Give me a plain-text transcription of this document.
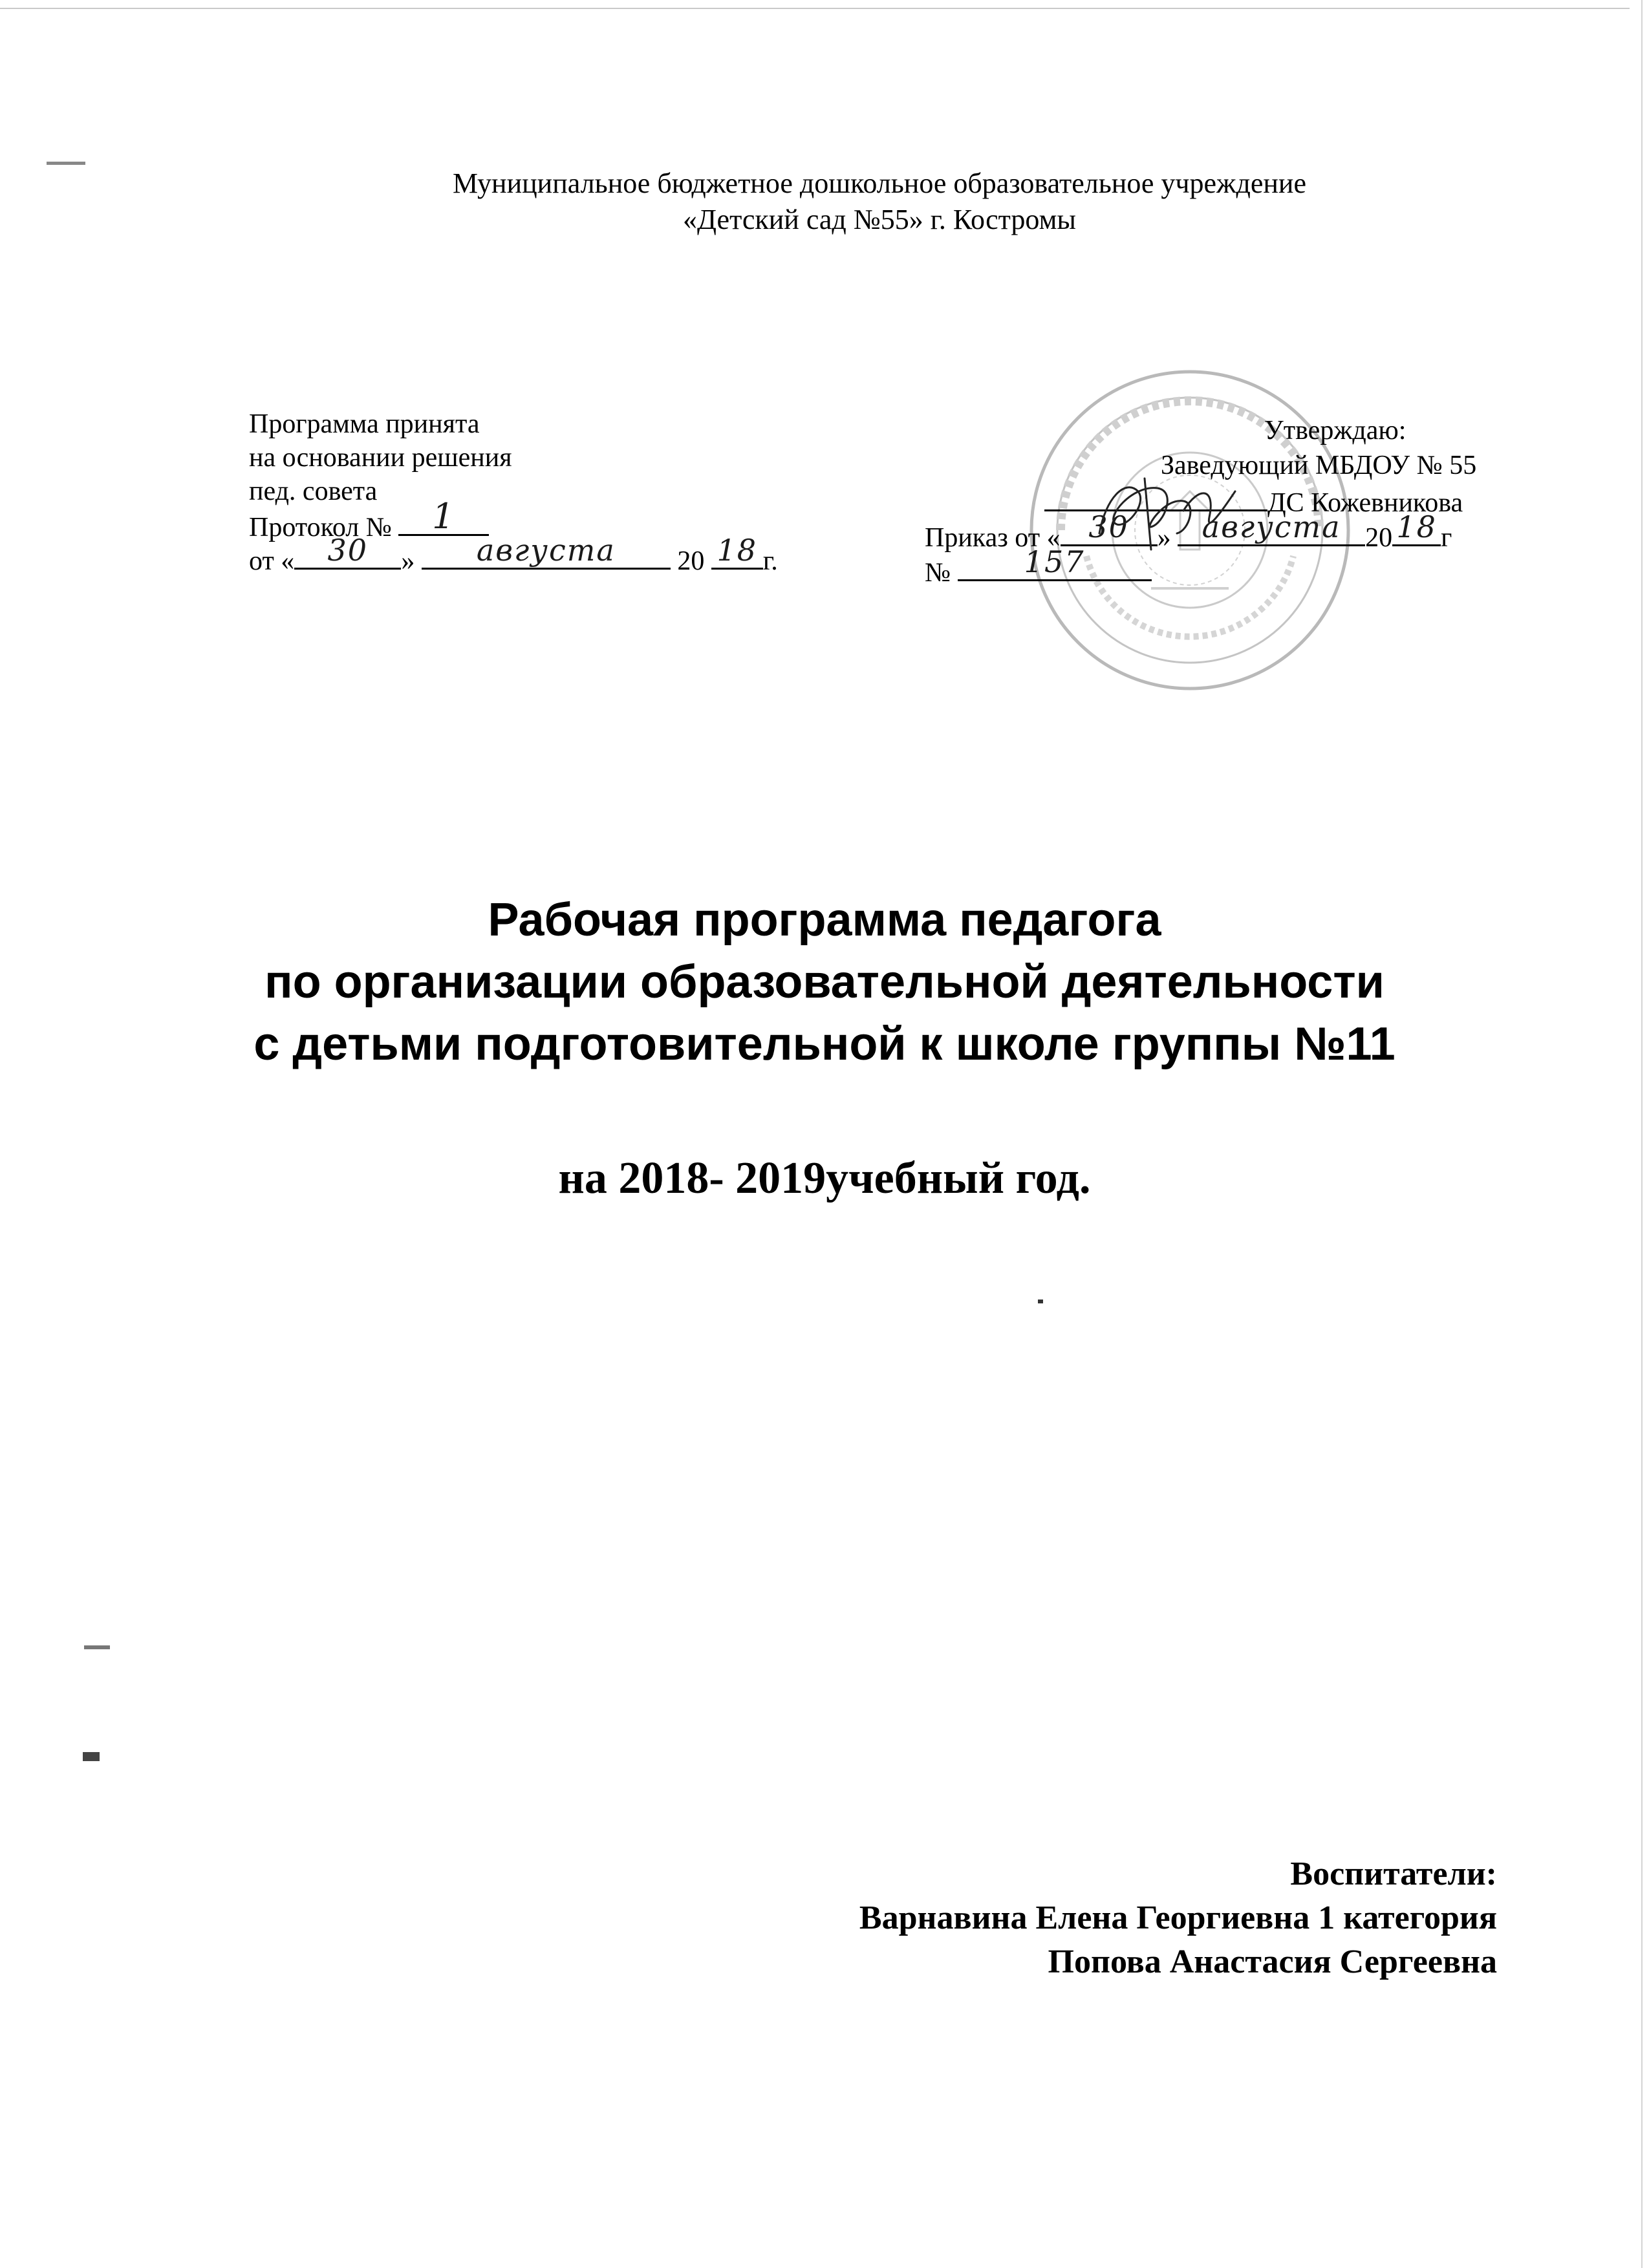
Муниципальное бюджетное дошкольное образовательное учреждение
«Детский сад №55» г. Костромы
Программа принята
на основании решения
пед. совета
Протокол №	1
от «	30	»	августа	20 18 г.
Утверждаю:
Заведующий МБДОУ № 55
ДС Кожевникова
Приказ от « 30	»	августа 20 18 г
№	157
Рабочая программа педагога
по организации образовательной деятельности
с детьми подготовительной к школе группы №11
на 2018- 2019учебный год.
Воспитатели:
Варнавина Елена Георгиевна 1 категория
Попова Анастасия Сергеевна
